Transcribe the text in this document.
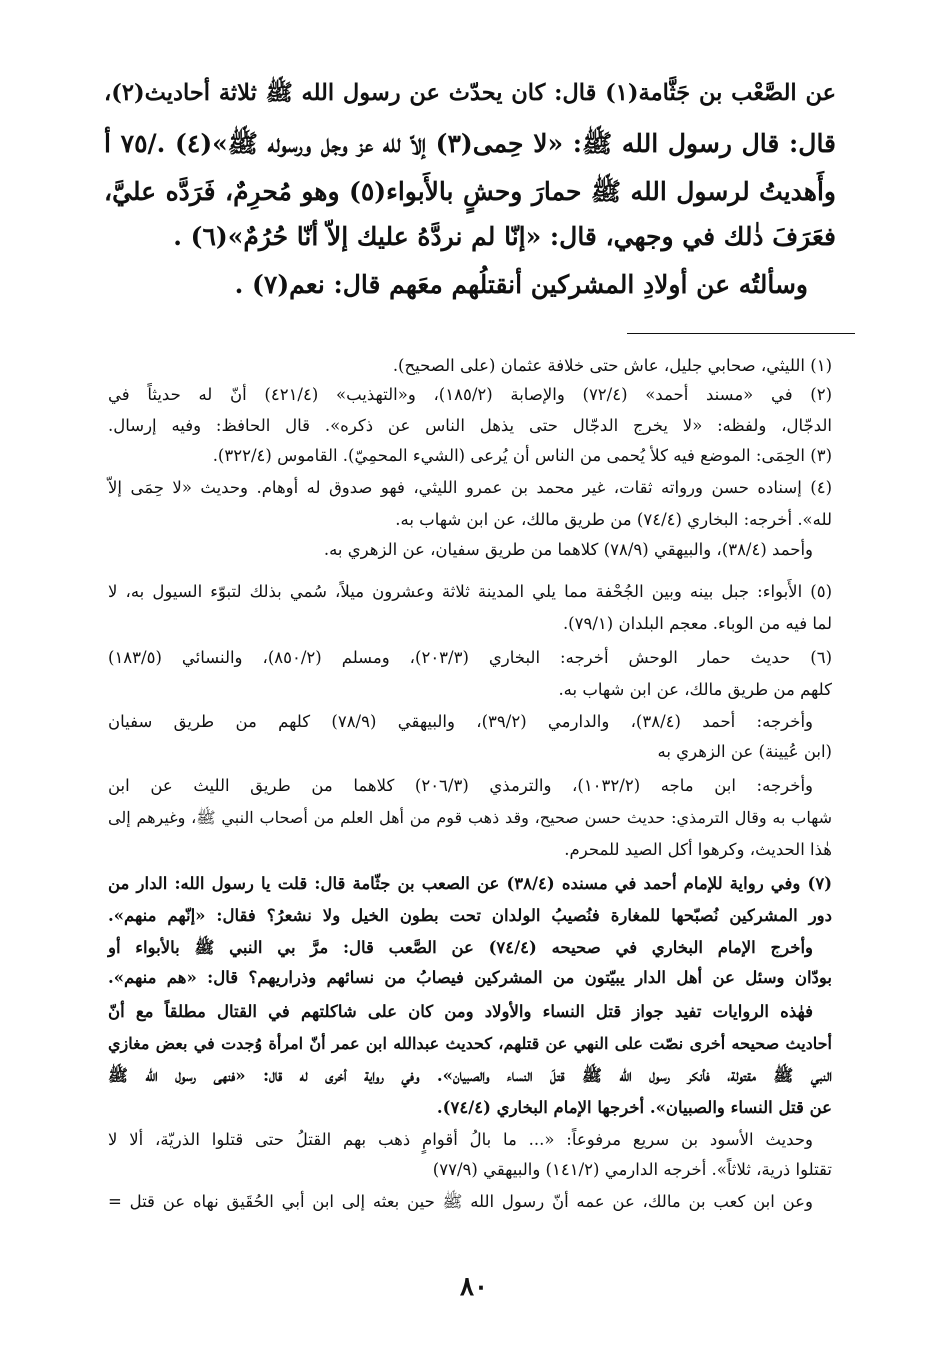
عن الصَّعْب بن جَثَّامة(١) قال: كان يحدّث عن رسول الله ﷺ ثلاثة أحاديث(٢)،
قال: قال رسول الله ﷺ: «لا حِمى(٣) إلاّ لله عز وجل ورسوله ﷺ»(٤) ./٧٥ أ
وأَهديتُ لرسول الله ﷺ حمارَ وحشٍ بالأَبواء(٥) وهو مُحرِمٌ، فَرَدَّه عليَّ،
فعَرَفَ ذٰلك في وجهي، قال: «إنّا لم نردَّهُ عليك إلاّ أنّا حُرُمٌ»(٦) .
وسألتُه عن أولادِ المشركين أنقتلُهم معَهم قال: نعم(٧) .
(١) الليثي، صحابي جليل، عاش حتى خلافة عثمان (على الصحيح).
(٢) في «مسند أحمد» (٧٢/٤) والإصابة (١٨٥/٢)، و«التهذيب» (٤٢١/٤) أنّ له حديثاً في
الدجّال، ولفظه: «لا يخرج الدجّال حتى يذهل الناس عن ذكره». قال الحافظ: وفيه إرسال.
(٣) الحِمَى: الموضع فيه كلأ يُحمى من الناس أن يُرعى (الشيء المحمِيّ). القاموس (٣٢٢/٤).
(٤) إسناده حسن ورواته ثقات، غير محمد بن عمرو الليثي، فهو صدوق له أوهام. وحديث «لا حِمَى إلاّ
لله». أخرجه: البخاري (٧٤/٤) من طريق مالك، عن ابن شهاب به.
وأحمد (٣٨/٤)، والبيهقي (٧٨/٩) كلاهما من طريق سفيان، عن الزهري به.
(٥) الأَبواء: جبل بينه وبين الجُحْفة مما يلي المدينة ثلاثة وعشرون ميلاً، سُمي بذلك لتبوّء السيول به، لا
لما فيه من الوباء. معجم البلدان (٧٩/١).
(٦) حديث حمار الوحش أخرجه: البخاري (٢٠٣/٣)، ومسلم (٨٥٠/٢)، والنسائي (١٨٣/٥)
كلهم من طريق مالك، عن ابن شهاب به.
وأخرجه: أحمد (٣٨/٤)، والدارمي (٣٩/٢)، والبيهقي (٧٨/٩) كلهم من طريق سفيان
(ابن عُيينة) عن الزهري به
وأخرجه: ابن ماجه (١٠٣٢/٢)، والترمذي (٢٠٦/٣) كلاهما من طريق الليث عن ابن
شهاب به وقال الترمذي: حديث حسن صحيح، وقد ذهب قوم من أهل العلم من أصحاب النبي ﷺ، وغيرهم إلى
هٰذا الحديث، وكرهوا أكل الصيد للمحرم.
(٧) وفي رواية للإمام أحمد في مسنده (٣٨/٤) عن الصعب بن جثّامة قال: قلت يا رسول الله: الدار من
دور المشركين نُصبّحها للمغارة فنُصيبُ الولدان تحت بطون الخيل ولا نشعرُ؟ فقال: «إنّهم منهم».
وأخرج الإمام البخاري في صحيحه (٧٤/٤) عن الصَّعب قال: مرَّ بي النبي ﷺ بالأبواء أو
بودّان وسئل عن أهل الدار يبيّتون من المشركين فيصابُ من نسائهم وذراريهم؟ قال: «هم منهم».
فهٰذه الروايات تفيد جواز قتل النساء والأولاد ومن كان على شاكلتهم في القتال مطلقاً مع أنّ
أحاديث صحيحه أخرى نصّت على النهي عن قتلهم، كحديث عبدالله ابن عمر أنّ امرأة وُجدت في بعض مغازي
النبي ﷺ مقتولة، فأنكر رسول الله ﷺ قتلَ النساء والصبيان». وفي رواية أخرى له قال: «فنهى رسول الله ﷺ
عن قتل النساء والصبيان». أخرجها الإمام البخاري (٧٤/٤).
وحديث الأسود بن سريع مرفوعاً: «... ما بالُ أقوامٍ ذهب بهم القتلُ حتى قتلوا الذريّة، ألا لا
تقتلوا ذرية، ثلاثاً». أخرجه الدارمي (١٤١/٢) والبيهقي (٧٧/٩)
وعن ابن كعب بن مالك، عن عمه أنّ رسول الله ﷺ حين بعثه إلى ابن أبي الحُقَيق نهاه عن قتل =
٨٠
